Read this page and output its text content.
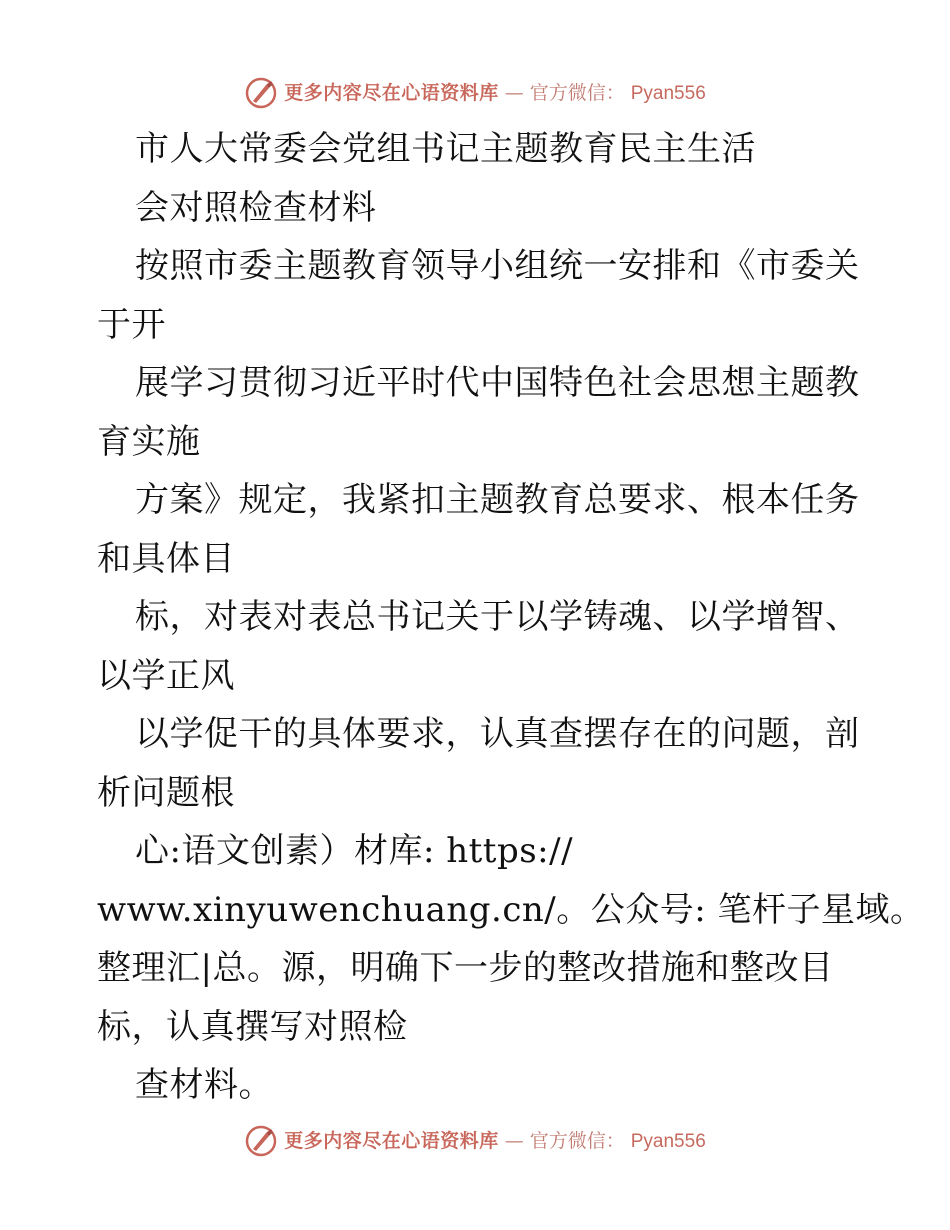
更多内容尽在心语资料库 — 官方微信： Pyan556
市人大常委会党组书记主题教育民主生活
会对照检查材料
按照市委主题教育领导小组统一安排和《市委关
于开
展学习贯彻习近平时代中国特色社会思想主题教
育实施
方案》规定，我紧扣主题教育总要求、根本任务
和具体目
标，对表对表总书记关于以学铸魂、以学增智、
以学正风
以学促干的具体要求，认真查摆存在的问题，剖
析问题根
心:语文创素）材库: https://
www.xinyuwenchuang.cn/。公众号: 笔杆子星域。
整理汇|总。源，明确下一步的整改措施和整改目
标，认真撰写对照检
查材料。
更多内容尽在心语资料库 — 官方微信： Pyan556
